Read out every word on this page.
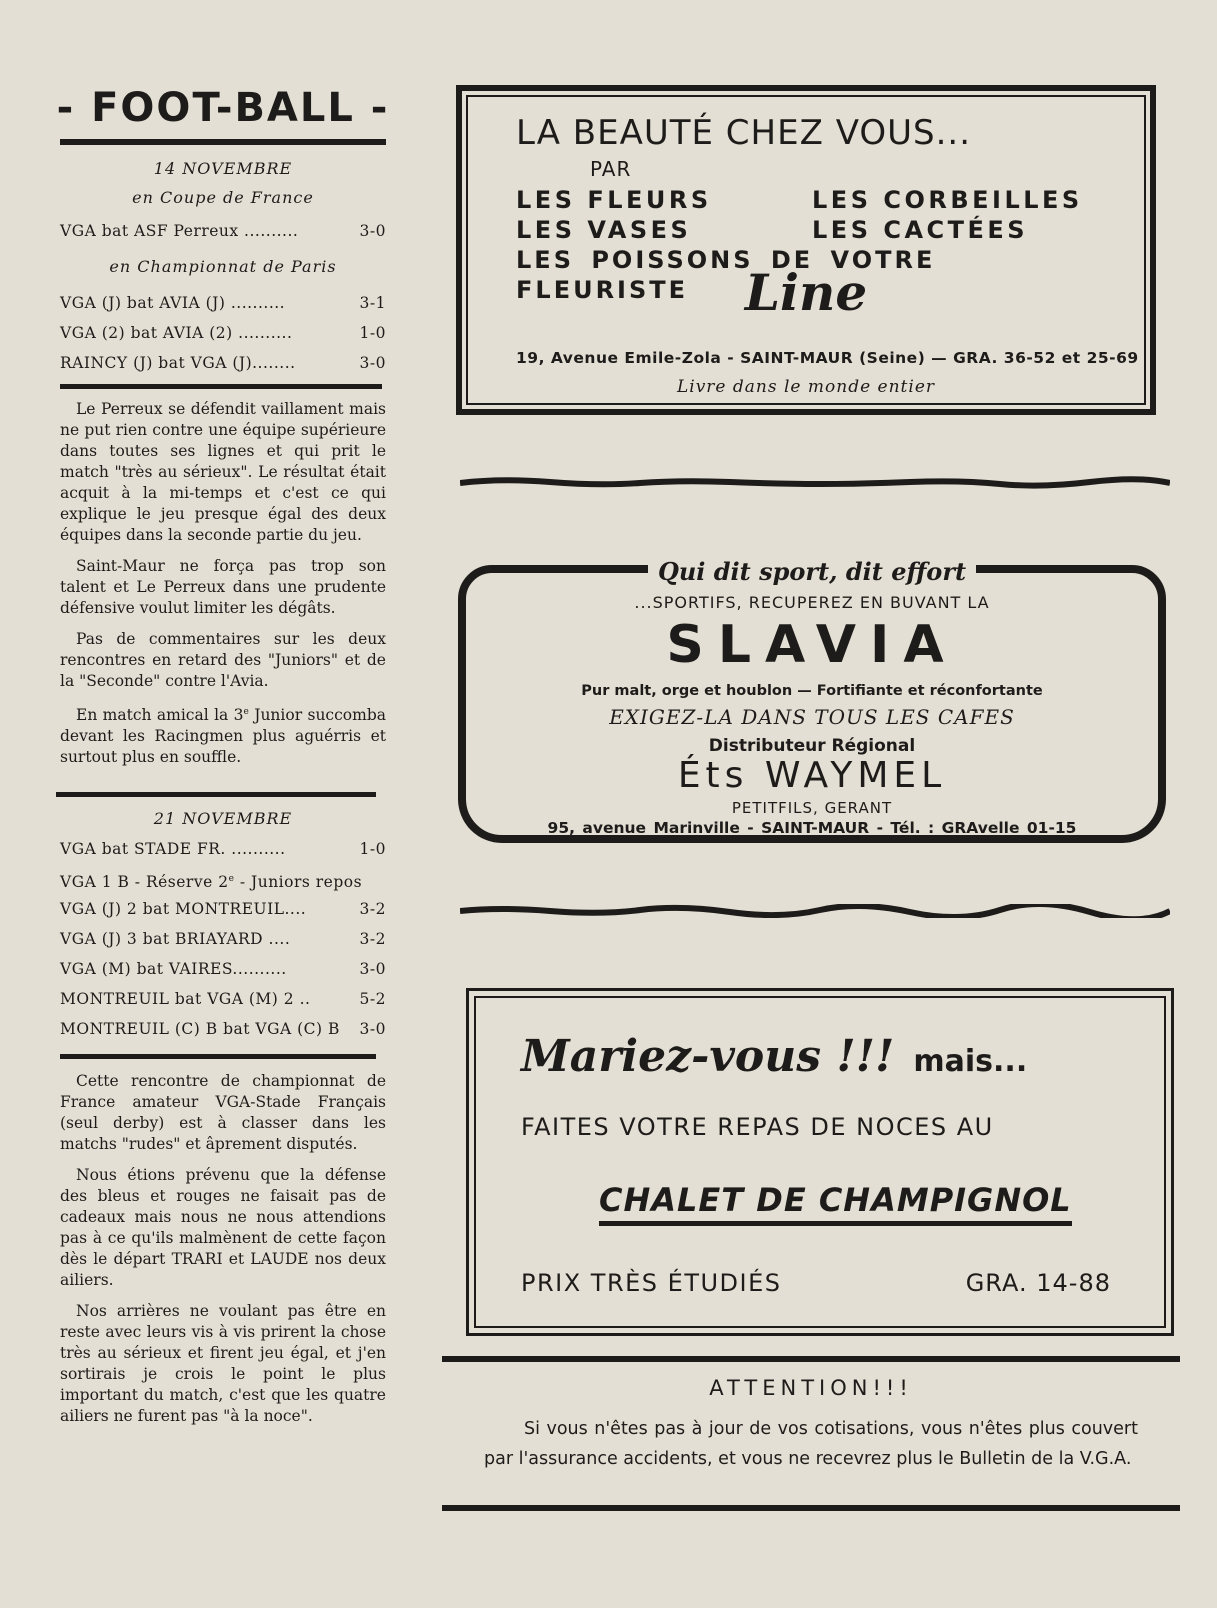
- FOOT-BALL -
14 NOVEMBRE
en Coupe de France
VGA bat ASF Perreux ..........	3-0
en Championnat de Paris
VGA (J) bat AVIA (J) ..........	3-1
VGA (2) bat AVIA (2) ..........	1-0
RAINCY (J) bat VGA (J)........	3-0

Le Perreux se défendit vaillament mais ne put rien contre une équipe supérieure dans toutes ses lignes et qui prit le match "très au sérieux". Le résultat était acquit à la mi-temps et c'est ce qui explique le jeu presque égal des deux équipes dans la seconde partie du jeu.

Saint-Maur ne força pas trop son talent et Le Perreux dans une prudente défensive voulut limiter les dégâts.

Pas de commentaires sur les deux rencontres en retard des "Juniors" et de la "Seconde" contre l'Avia.

En match amical la 3e Junior succomba devant les Racingmen plus aguérris et surtout plus en souffle.

21 NOVEMBRE
VGA bat STADE FR. ..........	1-0
VGA 1 B - Réserve 2e - Juniors repos
VGA (J) 2 bat MONTREUIL....	3-2
VGA (J) 3 bat BRIAYARD ....	3-2
VGA (M) bat VAIRES..........	3-0
MONTREUIL bat VGA (M) 2 ..	5-2
MONTREUIL (C) B bat VGA (C) B 3-0

Cette rencontre de championnat de France amateur VGA-Stade Français (seul derby) est à classer dans les matchs "rudes" et âprement disputés.

Nous étions prévenu que la défense des bleus et rouges ne faisait pas de cadeaux mais nous ne nous attendions pas à ce qu'ils malmènent de cette façon dès le départ TRARI et LAUDE nos deux ailiers.

Nos arrières ne voulant pas être en reste avec leurs vis à vis prirent la chose très au sérieux et firent jeu égal, et j'en sortirais je crois le point le plus important du match, c'est que les quatre ailiers ne furent pas "à la noce".

LA BEAUTÉ CHEZ VOUS...
PAR
LES FLEURS	LES CORBEILLES
LES VASES	LES CACTÉES
LES POISSONS DE VOTRE FLEURISTE	Line
19, Avenue Emile-Zola - SAINT-MAUR (Seine) — GRA. 36-52 et 25-69
Livre dans le monde entier
Qui dit sport, dit effort
...SPORTIFS, RECUPEREZ EN BUVANT LA
SLAVIA
Pur malt, orge et houblon — Fortifiante et réconfortante
EXIGEZ-LA DANS TOUS LES CAFES
Distributeur Régional
Éts WAYMEL
PETITFILS, GERANT
95, avenue Marinville - SAINT-MAUR - Tél. : GRAvelle 01-15
Mariez-vous !!! mais...
FAITES VOTRE REPAS DE NOCES AU
CHALET DE CHAMPIGNOL
PRIX TRÈS ÉTUDIÉS	GRA. 14-88
ATTENTION!!!
Si vous n'êtes pas à jour de vos cotisations, vous n'êtes plus couvert par l'assurance accidents, et vous ne recevrez plus le Bulletin de la V.G.A.
